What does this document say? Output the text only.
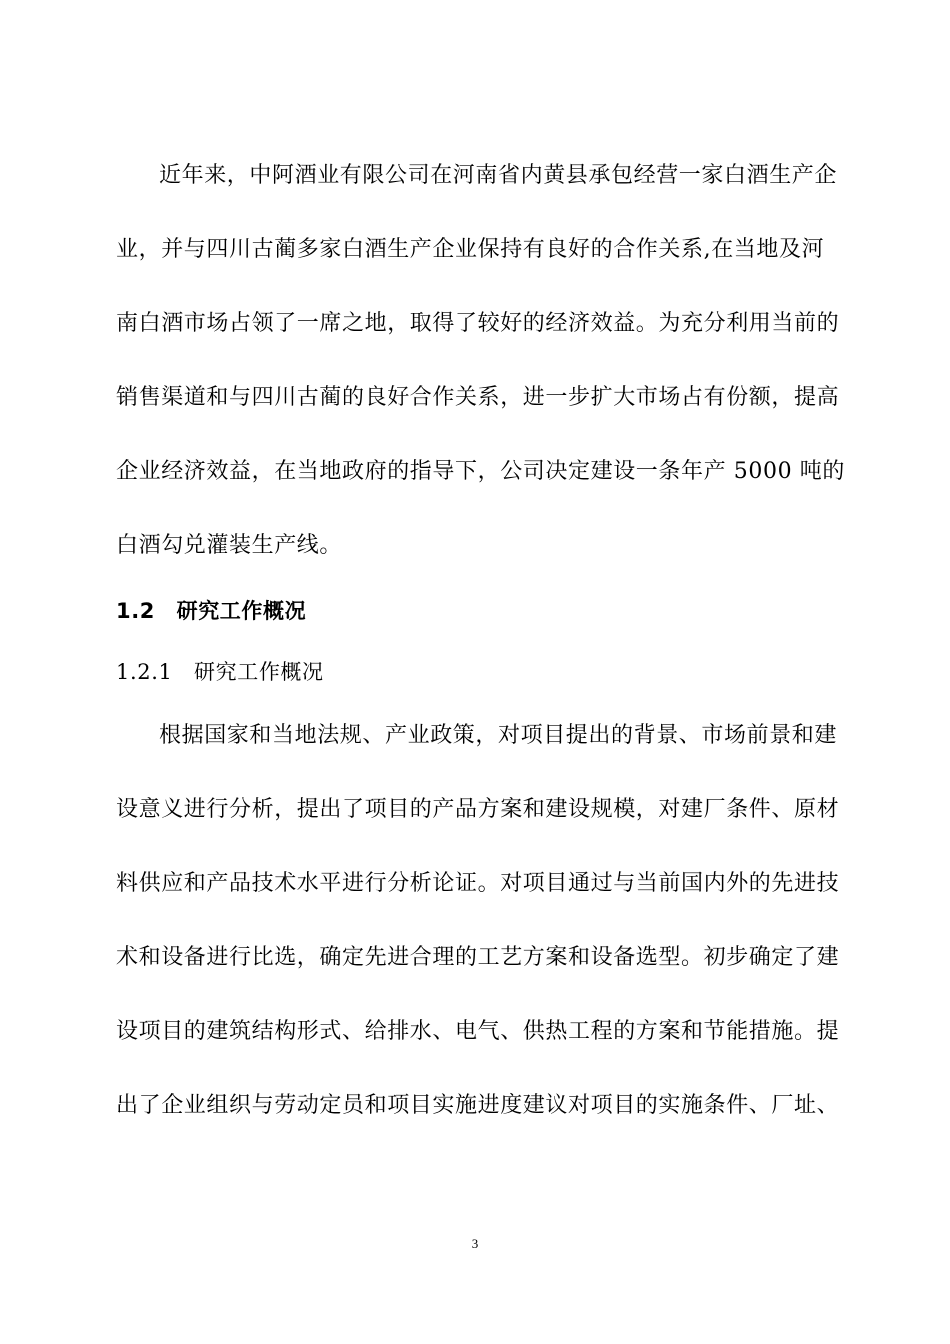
近年来，中阿酒业有限公司在河南省内黄县承包经营一家白酒生产企
业，并与四川古蔺多家白酒生产企业保持有良好的合作关系,在当地及河
南白酒市场占领了一席之地，取得了较好的经济效益。为充分利用当前的
销售渠道和与四川古蔺的良好合作关系，进一步扩大市场占有份额，提高
企业经济效益，在当地政府的指导下，公司决定建设一条年产 5000 吨的
白酒勾兑灌装生产线。
1.2　研究工作概况
1.2.1　研究工作概况
根据国家和当地法规、产业政策，对项目提出的背景、市场前景和建
设意义进行分析，提出了项目的产品方案和建设规模，对建厂条件、原材
料供应和产品技术水平进行分析论证。对项目通过与当前国内外的先进技
术和设备进行比选，确定先进合理的工艺方案和设备选型。初步确定了建
设项目的建筑结构形式、给排水、电气、供热工程的方案和节能措施。提
出了企业组织与劳动定员和项目实施进度建议对项目的实施条件、厂址、
3
